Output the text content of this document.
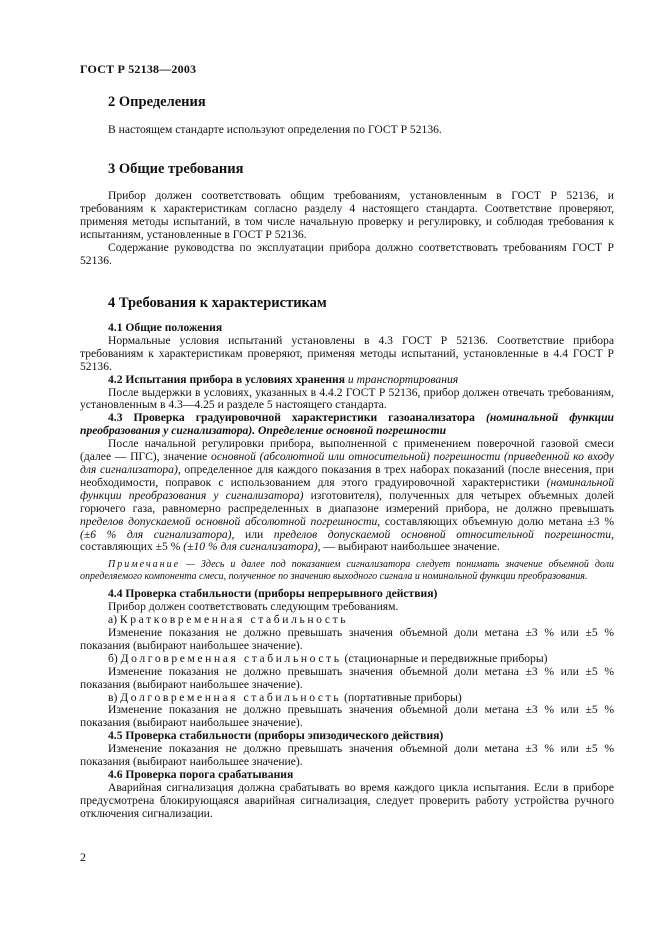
ГОСТ Р 52138—2003
2 Определения

В настоящем стандарте используют определения по ГОСТ Р 52136.

3 Общие требования

Прибор должен соответствовать общим требованиям, установленным в ГОСТ Р 52136, и требованиям к характеристикам согласно разделу 4 настоящего стандарта. Соответствие проверяют, применяя методы испытаний, в том числе начальную проверку и регулировку, и соблюдая требования к испытаниям, установленные в ГОСТ Р 52136.

Содержание руководства по эксплуатации прибора должно соответствовать требованиям ГОСТ Р 52136.

4 Требования к характеристикам

4.1 Общие положения

Нормальные условия испытаний установлены в 4.3 ГОСТ Р 52136. Соответствие прибора требованиям к характеристикам проверяют, применяя методы испытаний, установленные в 4.4 ГОСТ Р 52136.

4.2 Испытания прибора в условиях хранения и транспортирования

После выдержки в условиях, указанных в 4.4.2 ГОСТ Р 52136, прибор должен отвечать требованиям, установленным в 4.3—4.25 и разделе 5 настоящего стандарта.

4.3 Проверка градуировочной характеристики газоанализатора (номинальной функции преобразования у сигнализатора). Определение основной погрешности

После начальной регулировки прибора, выполненной с применением поверочной газовой смеси (далее — ПГС), значение основной (абсолютной или относительной) погрешности (приведенной ко входу для сигнализатора), определенное для каждого показания в трех наборах показаний (после внесения, при необходимости, поправок с использованием для этого градуировочной характеристики (номинальной функции преобразования у сигнализатора) изготовителя), полученных для четырех объемных долей горючего газа, равномерно распределенных в диапазоне измерений прибора, не должно превышать пределов допускаемой основной абсолютной погрешности, составляющих объемную долю метана ±3 % (±6 % для сигнализатора), или пределов допускаемой основной относительной погрешности, составляющих ±5 % (±10 % для сигнализатора), — выбирают наибольшее значение.

Примечание — Здесь и далее под показанием сигнализатора следует понимать значение объемной доли определяемого компонента смеси, полученное по значению выходного сигнала и номинальной функции преобразования.

4.4 Проверка стабильности (приборы непрерывного действия)

Прибор должен соответствовать следующим требованиям.

а) Кратковременная стабильность

Изменение показания не должно превышать значения объемной доли метана ±3 % или ±5 % показания (выбирают наибольшее значение).

б) Долговременная стабильность (стационарные и передвижные приборы)

Изменение показания не должно превышать значения объемной доли метана ±3 % или ±5 % показания (выбирают наибольшее значение).

в) Долговременная стабильность (портативные приборы)

Изменение показания не должно превышать значения объемной доли метана ±3 % или ±5 % показания (выбирают наибольшее значение).

4.5 Проверка стабильности (приборы эпизодического действия)

Изменение показания не должно превышать значения объемной доли метана ±3 % или ±5 % показания (выбирают наибольшее значение).

4.6 Проверка порога срабатывания

Аварийная сигнализация должна срабатывать во время каждого цикла испытания. Если в приборе предусмотрена блокирующаяся аварийная сигнализация, следует проверить работу устройства ручного отключения сигнализации.

2
